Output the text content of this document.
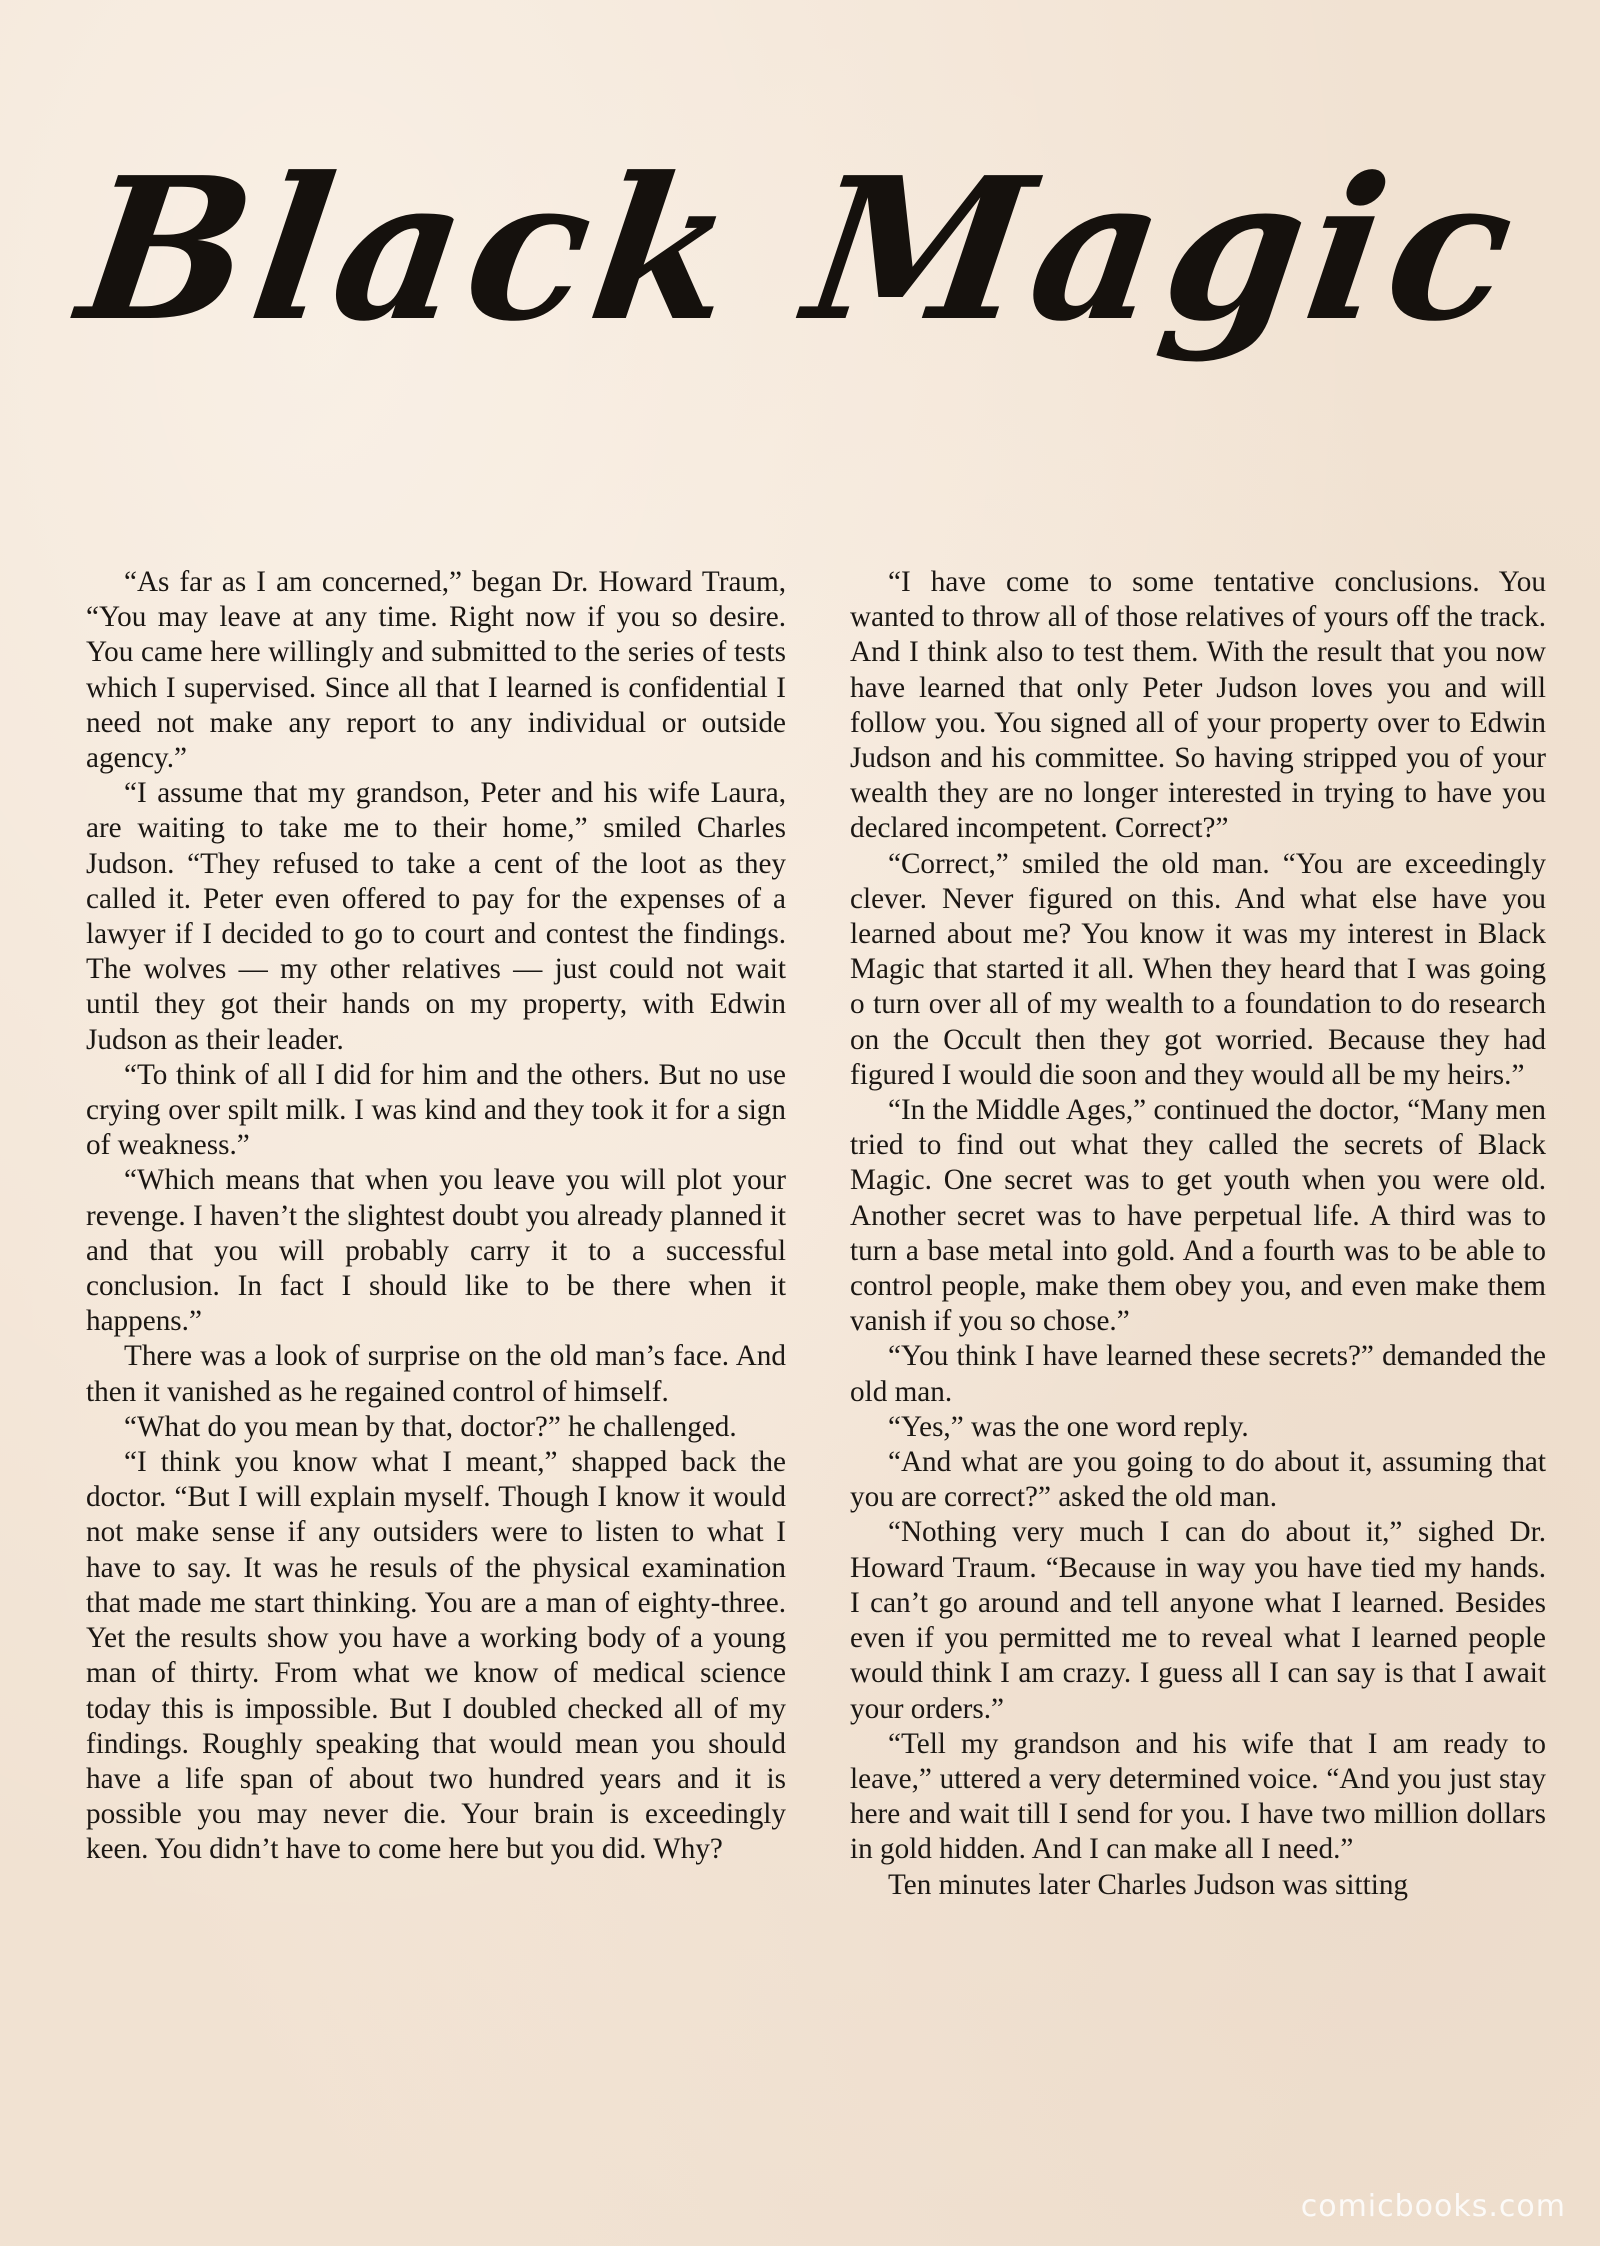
Black Magic

“As far as I am concerned,” began Dr. Howard Traum, “You may leave at any time. Right now if you so desire. You came here willingly and submitted to the series of tests which I supervised. Since all that I learned is confidential I need not make any report to any individual or outside agency.”

“I assume that my grandson, Peter and his wife Laura, are waiting to take me to their home,” smiled Charles Judson. “They refused to take a cent of the loot as they called it. Peter even offered to pay for the expenses of a lawyer if I decided to go to court and contest the findings. The wolves — my other relatives — just could not wait until they got their hands on my property, with Edwin Judson as their leader.

“To think of all I did for him and the others. But no use crying over spilt milk. I was kind and they took it for a sign of weakness.”

“Which means that when you leave you will plot your revenge. I haven’t the slightest doubt you already planned it and that you will probably carry it to a successful conclusion. In fact I should like to be there when it happens.”

There was a look of surprise on the old man’s face. And then it vanished as he regained control of himself.

“What do you mean by that, doctor?” he challenged.

“I think you know what I meant,” shapped back the doctor. “But I will explain myself. Though I know it would not make sense if any outsiders were to listen to what I have to say. It was he resuls of the physical examination that made me start thinking. You are a man of eighty-three. Yet the results show you have a working body of a young man of thirty. From what we know of medical science today this is impossible. But I doubled checked all of my findings. Roughly speaking that would mean you should have a life span of about two hundred years and it is possible you may never die. Your brain is exceedingly keen. You didn’t have to come here but you did. Why?

“I have come to some tentative conclusions. You wanted to throw all of those relatives of yours off the track. And I think also to test them. With the result that you now have learned that only Peter Judson loves you and will follow you. You signed all of your property over to Edwin Judson and his committee. So having stripped you of your wealth they are no longer interested in trying to have you declared incompetent. Correct?”

“Correct,” smiled the old man. “You are exceedingly clever. Never figured on this. And what else have you learned about me? You know it was my interest in Black Magic that started it all. When they heard that I was going o turn over all of my wealth to a foundation to do research on the Occult then they got worried. Because they had figured I would die soon and they would all be my heirs.”

“In the Middle Ages,” continued the doctor, “Many men tried to find out what they called the secrets of Black Magic. One secret was to get youth when you were old. Another secret was to have perpetual life. A third was to turn a base metal into gold. And a fourth was to be able to control people, make them obey you, and even make them vanish if you so chose.”

“You think I have learned these secrets?” demanded the old man.

“Yes,” was the one word reply.

“And what are you going to do about it, assuming that you are correct?” asked the old man.

“Nothing very much I can do about it,” sighed Dr. Howard Traum. “Because in way you have tied my hands. I can’t go around and tell anyone what I learned. Besides even if you permitted me to reveal what I learned people would think I am crazy. I guess all I can say is that I await your orders.”

“Tell my grandson and his wife that I am ready to leave,” uttered a very determined voice. “And you just stay here and wait till I send for you. I have two million dollars in gold hidden. And I can make all I need.”

Ten minutes later Charles Judson was sitting

comicbooks.com
